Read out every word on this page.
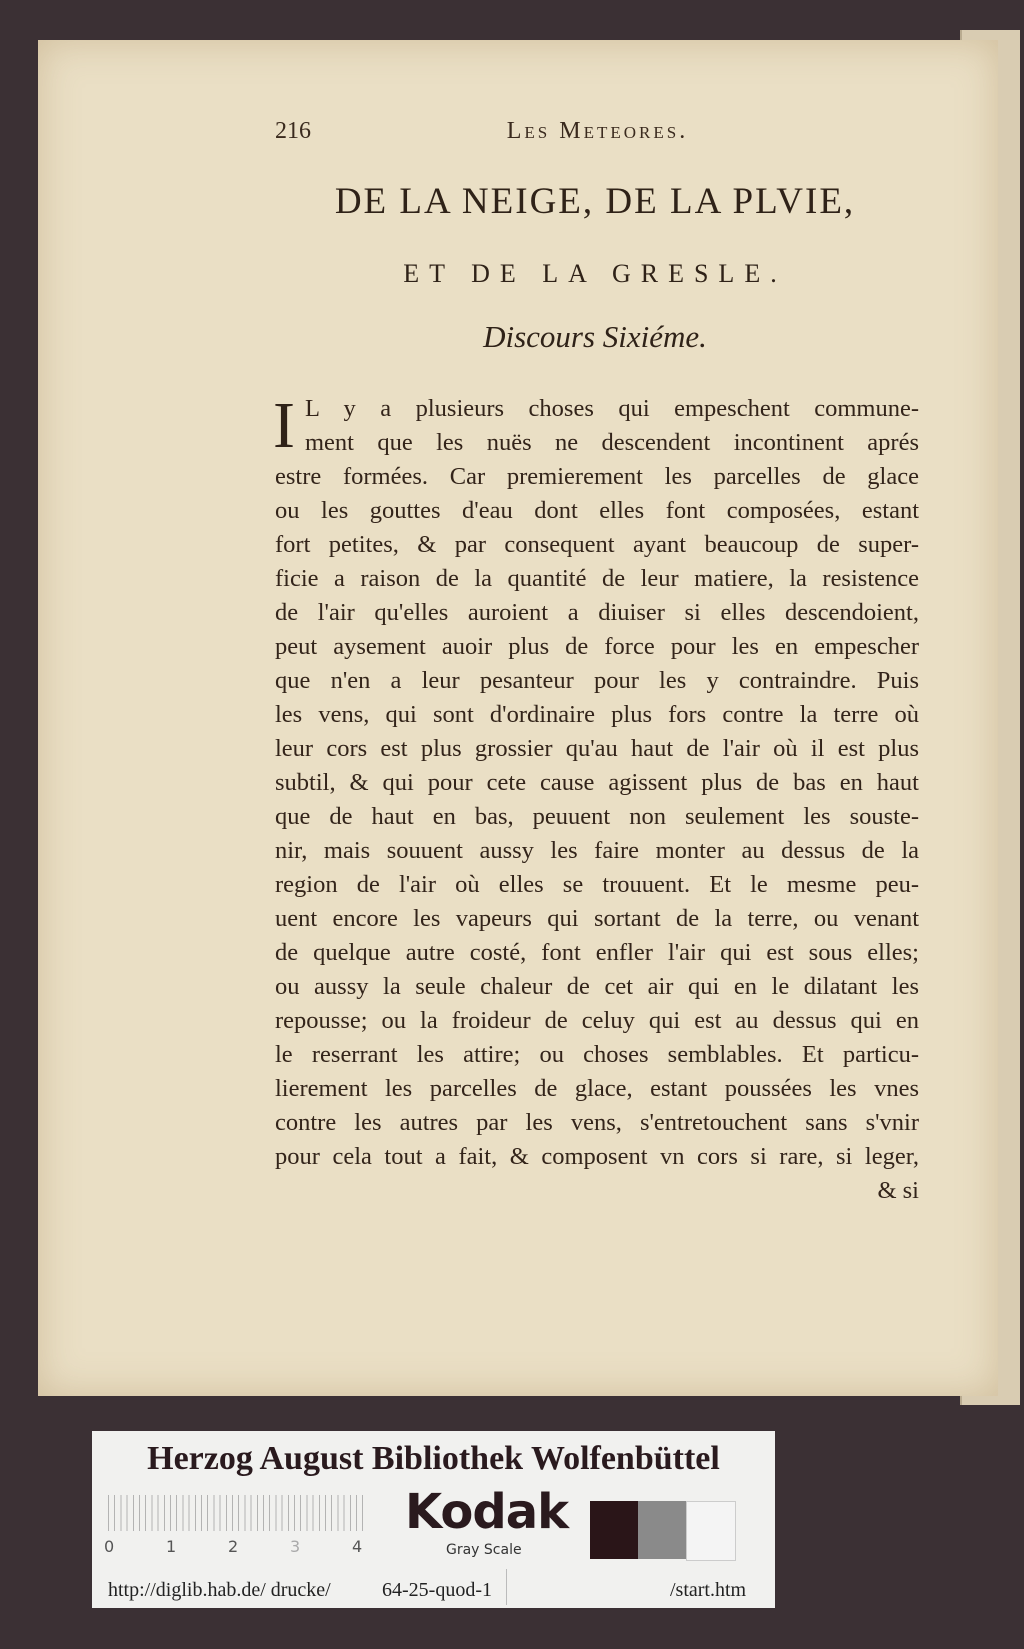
216	Les Meteores.
DE LA NEIGE, DE LA PLVIE,
ET DE LA GRESLE.
Discours Sixiéme.
I L y a plusieurs choses qui empeschent commune-
ment que les nuës ne descendent incontinent aprés
estre formées. Car premierement les parcelles de glace
ou les gouttes d'eau dont elles font composées, estant
fort petites, & par consequent ayant beaucoup de super-
ficie a raison de la quantité de leur matiere, la resistence
de l'air qu'elles auroient a diuiser si elles descendoient,
peut aysement auoir plus de force pour les en empescher
que n'en a leur pesanteur pour les y contraindre. Puis
les vens, qui sont d'ordinaire plus fors contre la terre où
leur cors est plus grossier qu'au haut de l'air où il est plus
subtil, & qui pour cete cause agissent plus de bas en haut
que de haut en bas, peuuent non seulement les souste-
nir, mais souuent aussy les faire monter au dessus de la
region de l'air où elles se trouuent. Et le mesme peu-
uent encore les vapeurs qui sortant de la terre, ou venant
de quelque autre costé, font enfler l'air qui est sous elles;
ou aussy la seule chaleur de cet air qui en le dilatant les
repousse; ou la froideur de celuy qui est au dessus qui en
le reserrant les attire; ou choses semblables. Et particu-
lierement les parcelles de glace, estant poussées les vnes
contre les autres par les vens, s'entretouchent sans s'vnir
pour cela tout a fait, & composent vn cors si rare, si leger,
& si
Herzog August Bibliothek Wolfenbüttel
0	1	2	3	4
Kodak
Gray Scale
http://diglib.hab.de/ drucke/	64-25-quod-1	/start.htm
